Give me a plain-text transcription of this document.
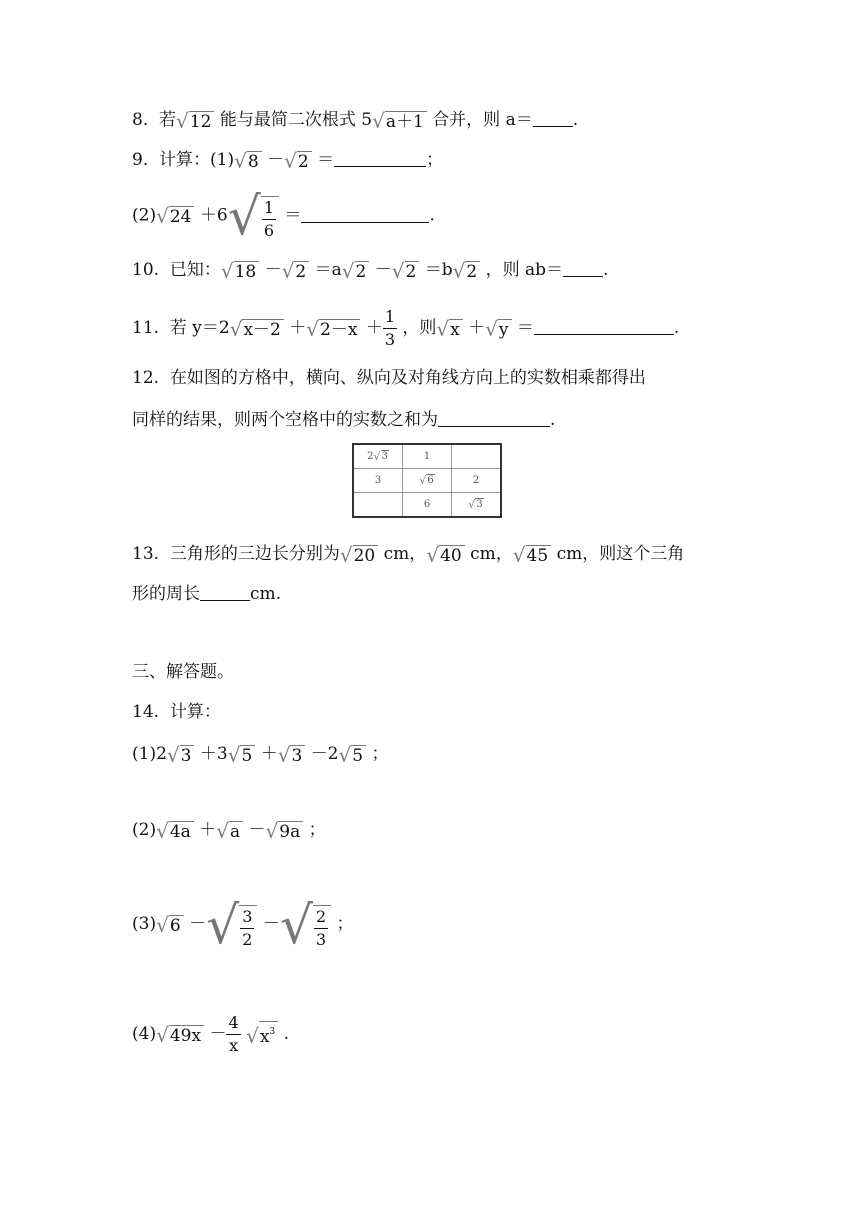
8. 若√12 能与最简二次根式 5√a＋1 合并，则 a＝ .
9. 计算：(1)√8 －√2 ＝	；
$(2)√24 +6√ \frac{1}{6}$ ＝	.
10. 已知：√18 －√2 ＝a√2 －√2 ＝b√2 ，则 ab＝ .
11. 若 $y=2√x-2 +√2-x + \frac{1}{3}$ ，则√x ＋√y ＝	.
12. 在如图的方格中，横向、纵向及对角线方向上的实数相乘都得出
同样的结果，则两个空格中的实数之和为	.
2√3	1	
3	√6	2
	6	√3
13. 三角形的三边长分别为√20 cm，√40 cm，√45 cm，则这个三角
形的周长	cm.
三、解答题。
14. 计算：
(1)2√3 ＋3√5 ＋√3 －2√5 ；
(2)√4a ＋√a －√9a ；
(3)√6 －√ $\frac{3}{2}$ －√ $\frac{2}{3}$ ；
$(4)√49x - \frac{4}{x} √x^3$ .
